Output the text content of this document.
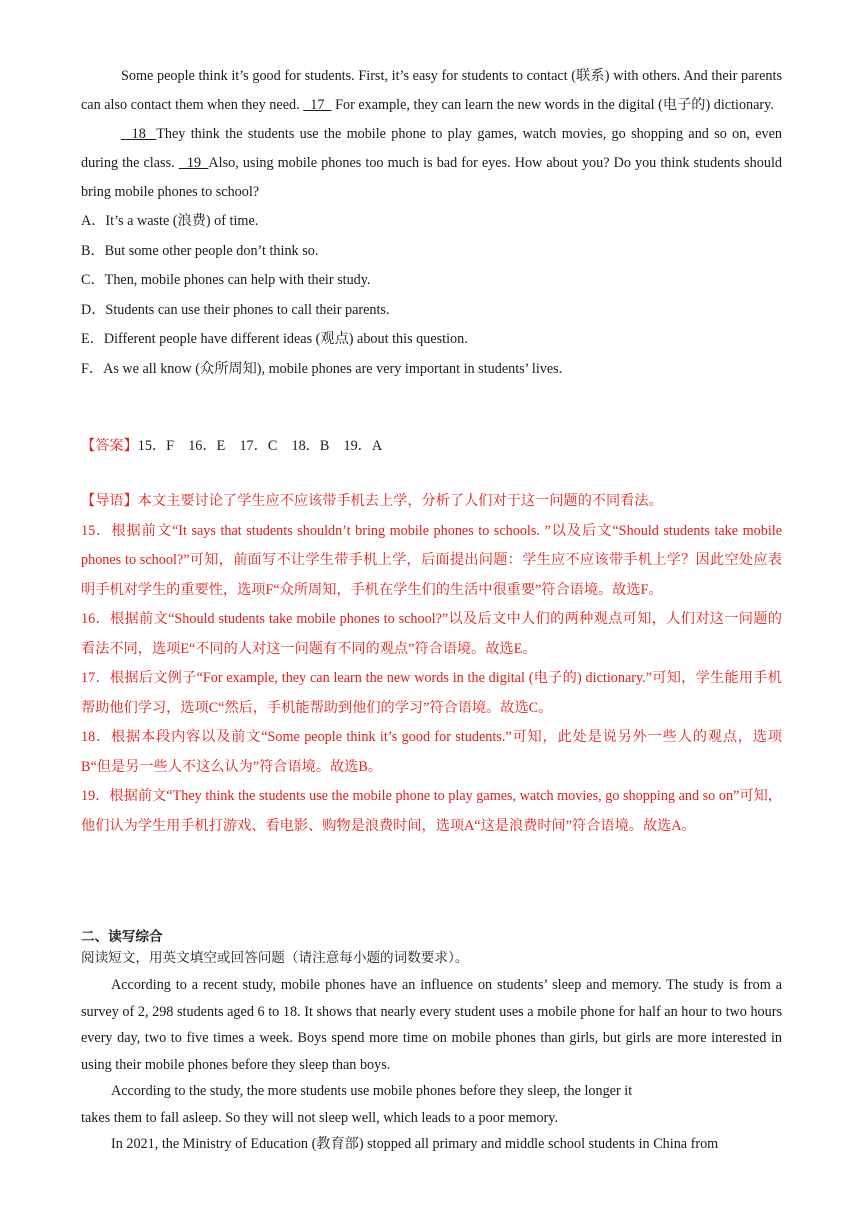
Some people think it’s good for students. First, it’s easy for students to contact (联系) with others. And their parents can also contact them when they need.   17   For example, they can learn the new words in the digital (电子的) dictionary.

18  They think the students use the mobile phone to play games, watch movies, go shopping and so on, even during the class.   19  Also, using mobile phones too much is bad for eyes. How about you? Do you think students should bring mobile phones to school?

A．It’s a waste (浪费) of time.

B．But some other people don’t think so.

C．Then, mobile phones can help with their study.

D．Students can use their phones to call their parents.

E．Different people have different ideas (观点) about this question.

F．As we all know (众所周知), mobile phones are very important in students’ lives.

【答案】15．F　16．E　17．C　18．B　19．A

【导语】本文主要讨论了学生应不应该带手机去上学，分析了人们对于这一问题的不同看法。

15．根据前文“It says that students shouldn’t bring mobile phones to schools. ”以及后文“Should students take mobile phones to school?”可知，前面写不让学生带手机上学，后面提出问题：学生应不应该带手机上学？因此空处应表明手机对学生的重要性，选项F“众所周知，手机在学生们的生活中很重要”符合语境。故选F。

16．根据前文“Should students take mobile phones to school?”以及后文中人们的两种观点可知，人们对这一问题的看法不同，选项E“不同的人对这一问题有不同的观点”符合语境。故选E。

17．根据后文例子“For example, they can learn the new words in the digital (电子的) dictionary.”可知，学生能用手机帮助他们学习，选项C“然后，手机能帮助到他们的学习”符合语境。故选C。

18．根据本段内容以及前文“Some people think it’s good for students.”可知，此处是说另外一些人的观点，选项B“但是另一些人不这么认为”符合语境。故选B。

19．根据前文“They think the students use the mobile phone to play games, watch movies, go shopping and so on”可知，他们认为学生用手机打游戏、看电影、购物是浪费时间，选项A“这是浪费时间”符合语境。故选A。

二、读写综合

阅读短文，用英文填空或回答问题（请注意每小题的词数要求）。

According to a recent study, mobile phones have an influence on students’ sleep and memory. The study is from a survey of 2, 298 students aged 6 to 18. It shows that nearly every student uses a mobile phone for half an hour to two hours every day, two to five times a week. Boys spend more time on mobile phones than girls, but girls are more interested in using their mobile phones before they sleep than boys.

According to the study, the more students use mobile phones before they sleep, the longer it

takes them to fall asleep. So they will not sleep well, which leads to a poor memory.

In 2021, the Ministry of Education (教育部) stopped all primary and middle school students in China from
